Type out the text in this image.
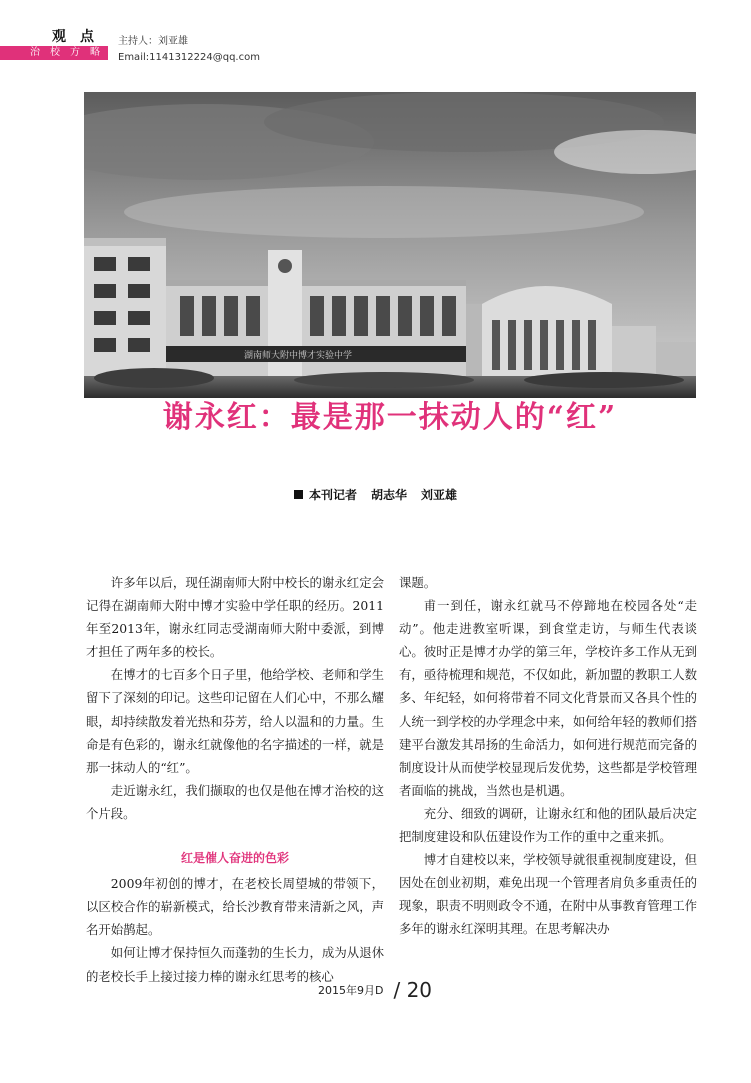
观点
治校方略
主持人：刘亚雄
Email:1141312224@qq.com
湖南师大附中博才实验中学
谢永红：最是那一抹动人的“红”
本刊记者 胡志华 刘亚雄

许多年以后，现任湖南师大附中校长的谢永红定会记得在湖南师大附中博才实验中学任职的经历。2011年至2013年，谢永红同志受湖南师大附中委派，到博才担任了两年多的校长。

在博才的七百多个日子里，他给学校、老师和学生留下了深刻的印记。这些印记留在人们心中，不那么耀眼，却持续散发着光热和芬芳，给人以温和的力量。生命是有色彩的，谢永红就像他的名字描述的一样，就是那一抹动人的“红”。

走近谢永红，我们撷取的也仅是他在博才治校的这个片段。

红是催人奋进的色彩

2009年初创的博才，在老校长周望城的带领下，以区校合作的崭新模式，给长沙教育带来清新之风，声名开始鹊起。

如何让博才保持恒久而蓬勃的生长力，成为从退休的老校长手上接过接力棒的谢永红思考的核心

课题。

甫一到任，谢永红就马不停蹄地在校园各处“走动”。他走进教室听课，到食堂走访，与师生代表谈心。彼时正是博才办学的第三年，学校许多工作从无到有，亟待梳理和规范，不仅如此，新加盟的教职工人数多、年纪轻，如何将带着不同文化背景而又各具个性的人统一到学校的办学理念中来，如何给年轻的教师们搭建平台激发其昂扬的生命活力，如何进行规范而完备的制度设计从而使学校显现后发优势，这些都是学校管理者面临的挑战，当然也是机遇。

充分、细致的调研，让谢永红和他的团队最后决定把制度建设和队伍建设作为工作的重中之重来抓。

博才自建校以来，学校领导就很重视制度建设，但因处在创业初期，难免出现一个管理者肩负多重责任的现象，职责不明则政令不通，在附中从事教育管理工作多年的谢永红深明其理。在思考解决办

2015年9月D / 20
